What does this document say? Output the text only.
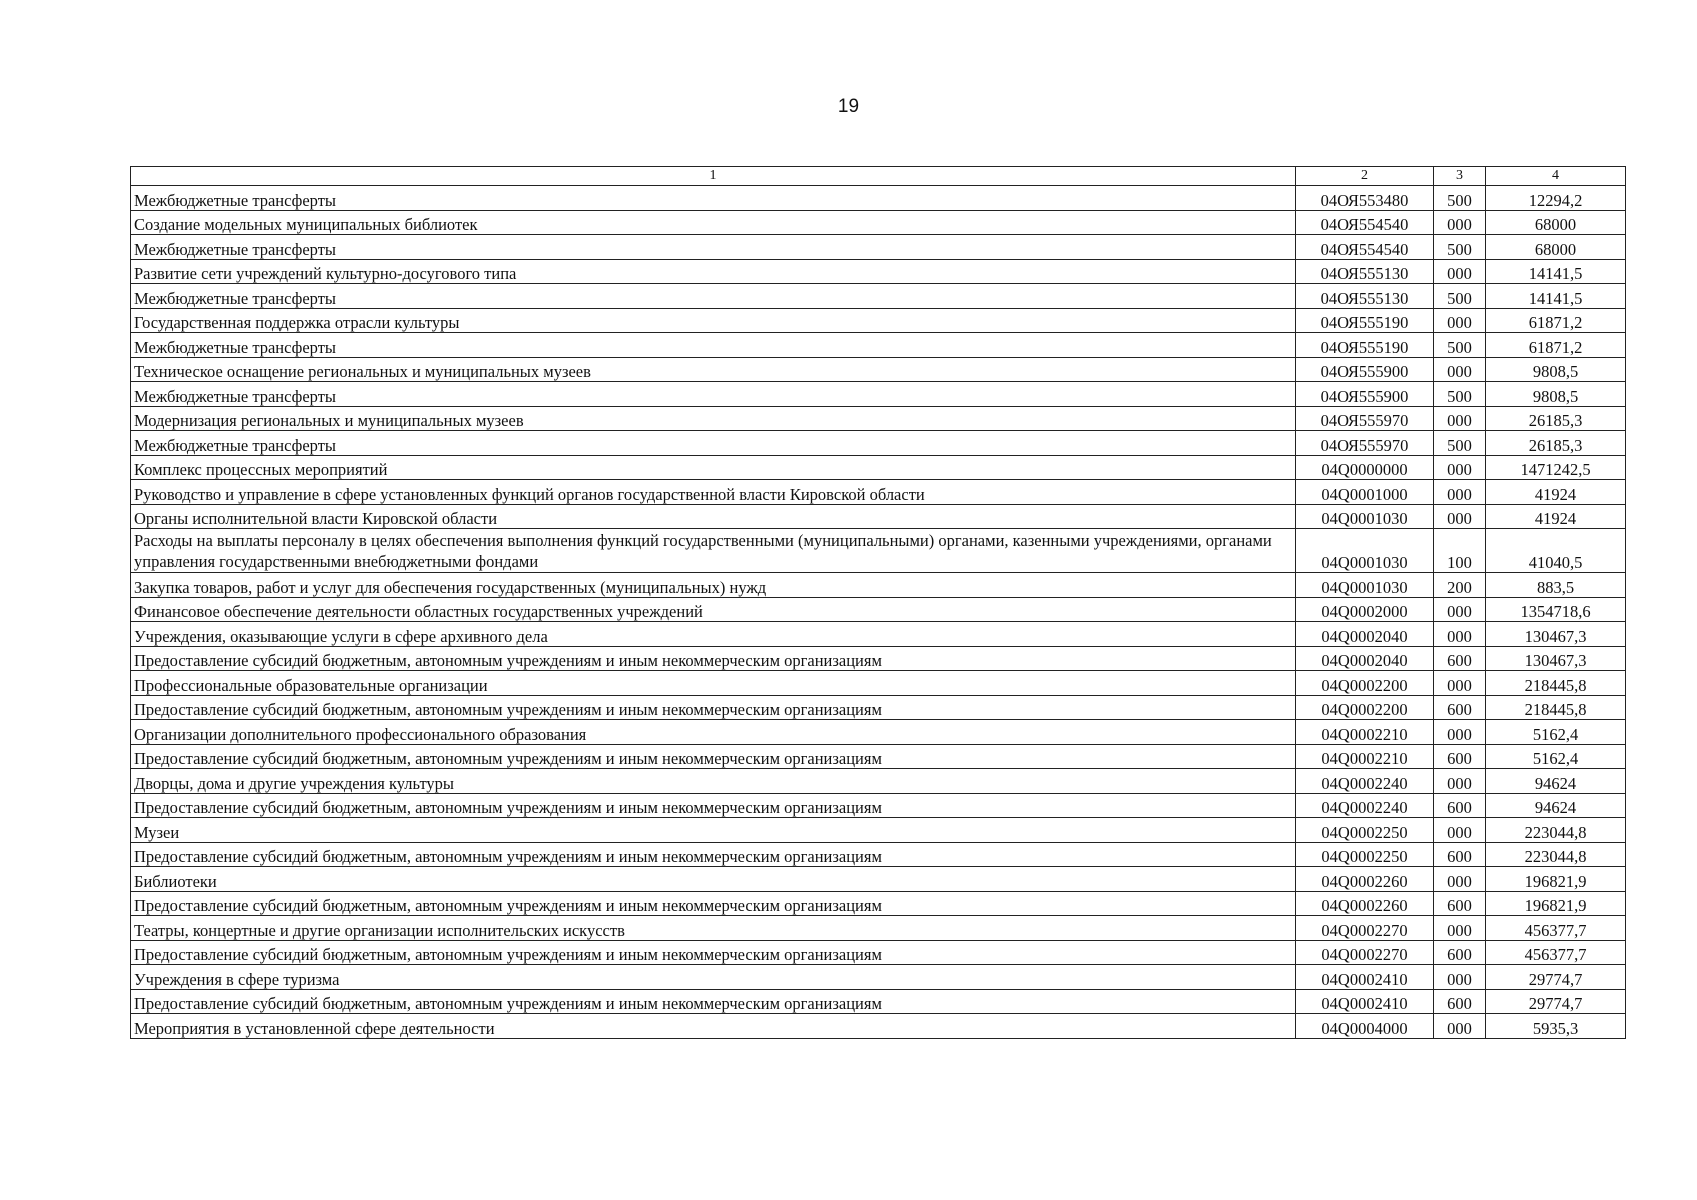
19
1	2	3	4
Межбюджетные трансферты	04ОЯ553480	500	12294,2
Создание модельных муниципальных библиотек	04ОЯ554540	000	68000
Межбюджетные трансферты	04ОЯ554540	500	68000
Развитие сети учреждений культурно-досугового типа	04ОЯ555130	000	14141,5
Межбюджетные трансферты	04ОЯ555130	500	14141,5
Государственная поддержка отрасли культуры	04ОЯ555190	000	61871,2
Межбюджетные трансферты	04ОЯ555190	500	61871,2
Техническое оснащение региональных и муниципальных музеев	04ОЯ555900	000	9808,5
Межбюджетные трансферты	04ОЯ555900	500	9808,5
Модернизация региональных и муниципальных музеев	04ОЯ555970	000	26185,3
Межбюджетные трансферты	04ОЯ555970	500	26185,3
Комплекс процессных мероприятий	04Q0000000	000	1471242,5
Руководство и управление в сфере установленных функций органов государственной власти Кировской области	04Q0001000	000	41924
Органы исполнительной власти Кировской области	04Q0001030	000	41924
Расходы на выплаты персоналу в целях обеспечения выполнения функций государственными (муниципальными) органами, казенными учреждениями, органами управления государственными внебюджетными фондами	04Q0001030	100	41040,5
Закупка товаров, работ и услуг для обеспечения государственных (муниципальных) нужд	04Q0001030	200	883,5
Финансовое обеспечение деятельности областных государственных учреждений	04Q0002000	000	1354718,6
Учреждения, оказывающие услуги в сфере архивного дела	04Q0002040	000	130467,3
Предоставление субсидий бюджетным, автономным учреждениям и иным некоммерческим организациям	04Q0002040	600	130467,3
Профессиональные образовательные организации	04Q0002200	000	218445,8
Предоставление субсидий бюджетным, автономным учреждениям и иным некоммерческим организациям	04Q0002200	600	218445,8
Организации дополнительного профессионального образования	04Q0002210	000	5162,4
Предоставление субсидий бюджетным, автономным учреждениям и иным некоммерческим организациям	04Q0002210	600	5162,4
Дворцы, дома и другие учреждения культуры	04Q0002240	000	94624
Предоставление субсидий бюджетным, автономным учреждениям и иным некоммерческим организациям	04Q0002240	600	94624
Музеи	04Q0002250	000	223044,8
Предоставление субсидий бюджетным, автономным учреждениям и иным некоммерческим организациям	04Q0002250	600	223044,8
Библиотеки	04Q0002260	000	196821,9
Предоставление субсидий бюджетным, автономным учреждениям и иным некоммерческим организациям	04Q0002260	600	196821,9
Театры, концертные и другие организации исполнительских искусств	04Q0002270	000	456377,7
Предоставление субсидий бюджетным, автономным учреждениям и иным некоммерческим организациям	04Q0002270	600	456377,7
Учреждения в сфере туризма	04Q0002410	000	29774,7
Предоставление субсидий бюджетным, автономным учреждениям и иным некоммерческим организациям	04Q0002410	600	29774,7
Мероприятия в установленной сфере деятельности	04Q0004000	000	5935,3
